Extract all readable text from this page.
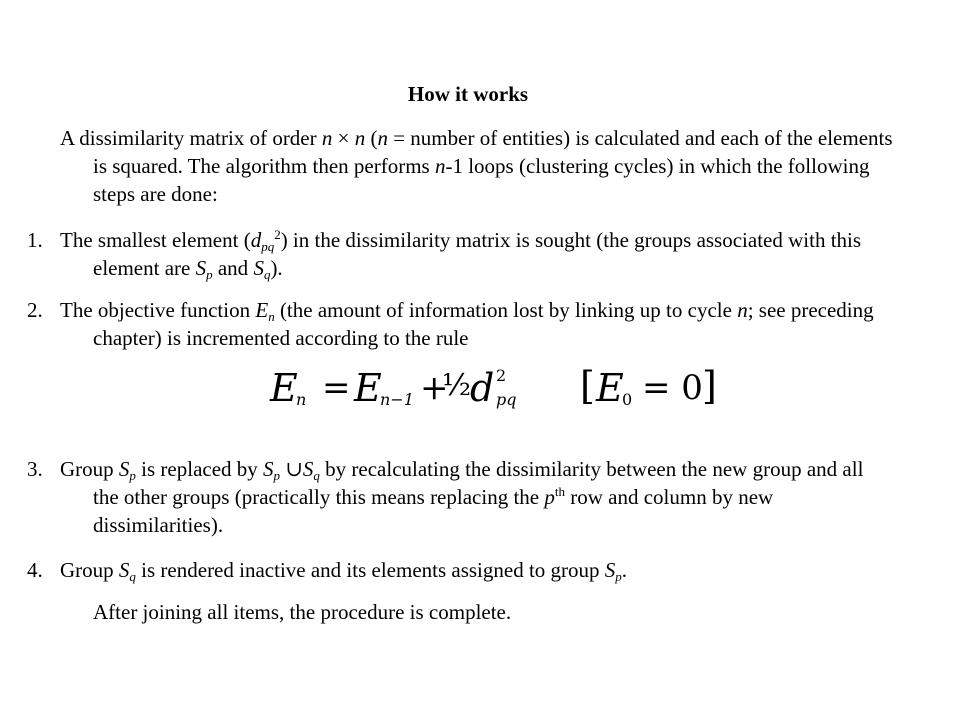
How it works
A dissimilarity matrix of order n × n (n = number of entities) is calculated and each of the elements is squared. The algorithm then performs n-1 loops (clustering cycles) in which the following steps are done:
1.The smallest element $(d_{pq}^2)$ in the dissimilarity matrix is sought (the groups associated with this element are $S_p$ and $S_q$).
2.The objective function $E_n$ (the amount of information lost by linking up to cycle n; see preceding chapter) is incremented according to the rule
E
n = E
n−1 +
½
d 2
pq [ E
0 = 0 ]
3.Group $S_p$ is replaced by $S_p$ $\cup S_q$ by recalculating the dissimilarity between the new group and all the other groups (practically this means replacing the $p^{th}$ row and column by new dissimilarities).
4.Group $S_q$ is rendered inactive and its elements assigned to group $S_p$.
After joining all items, the procedure is complete.
